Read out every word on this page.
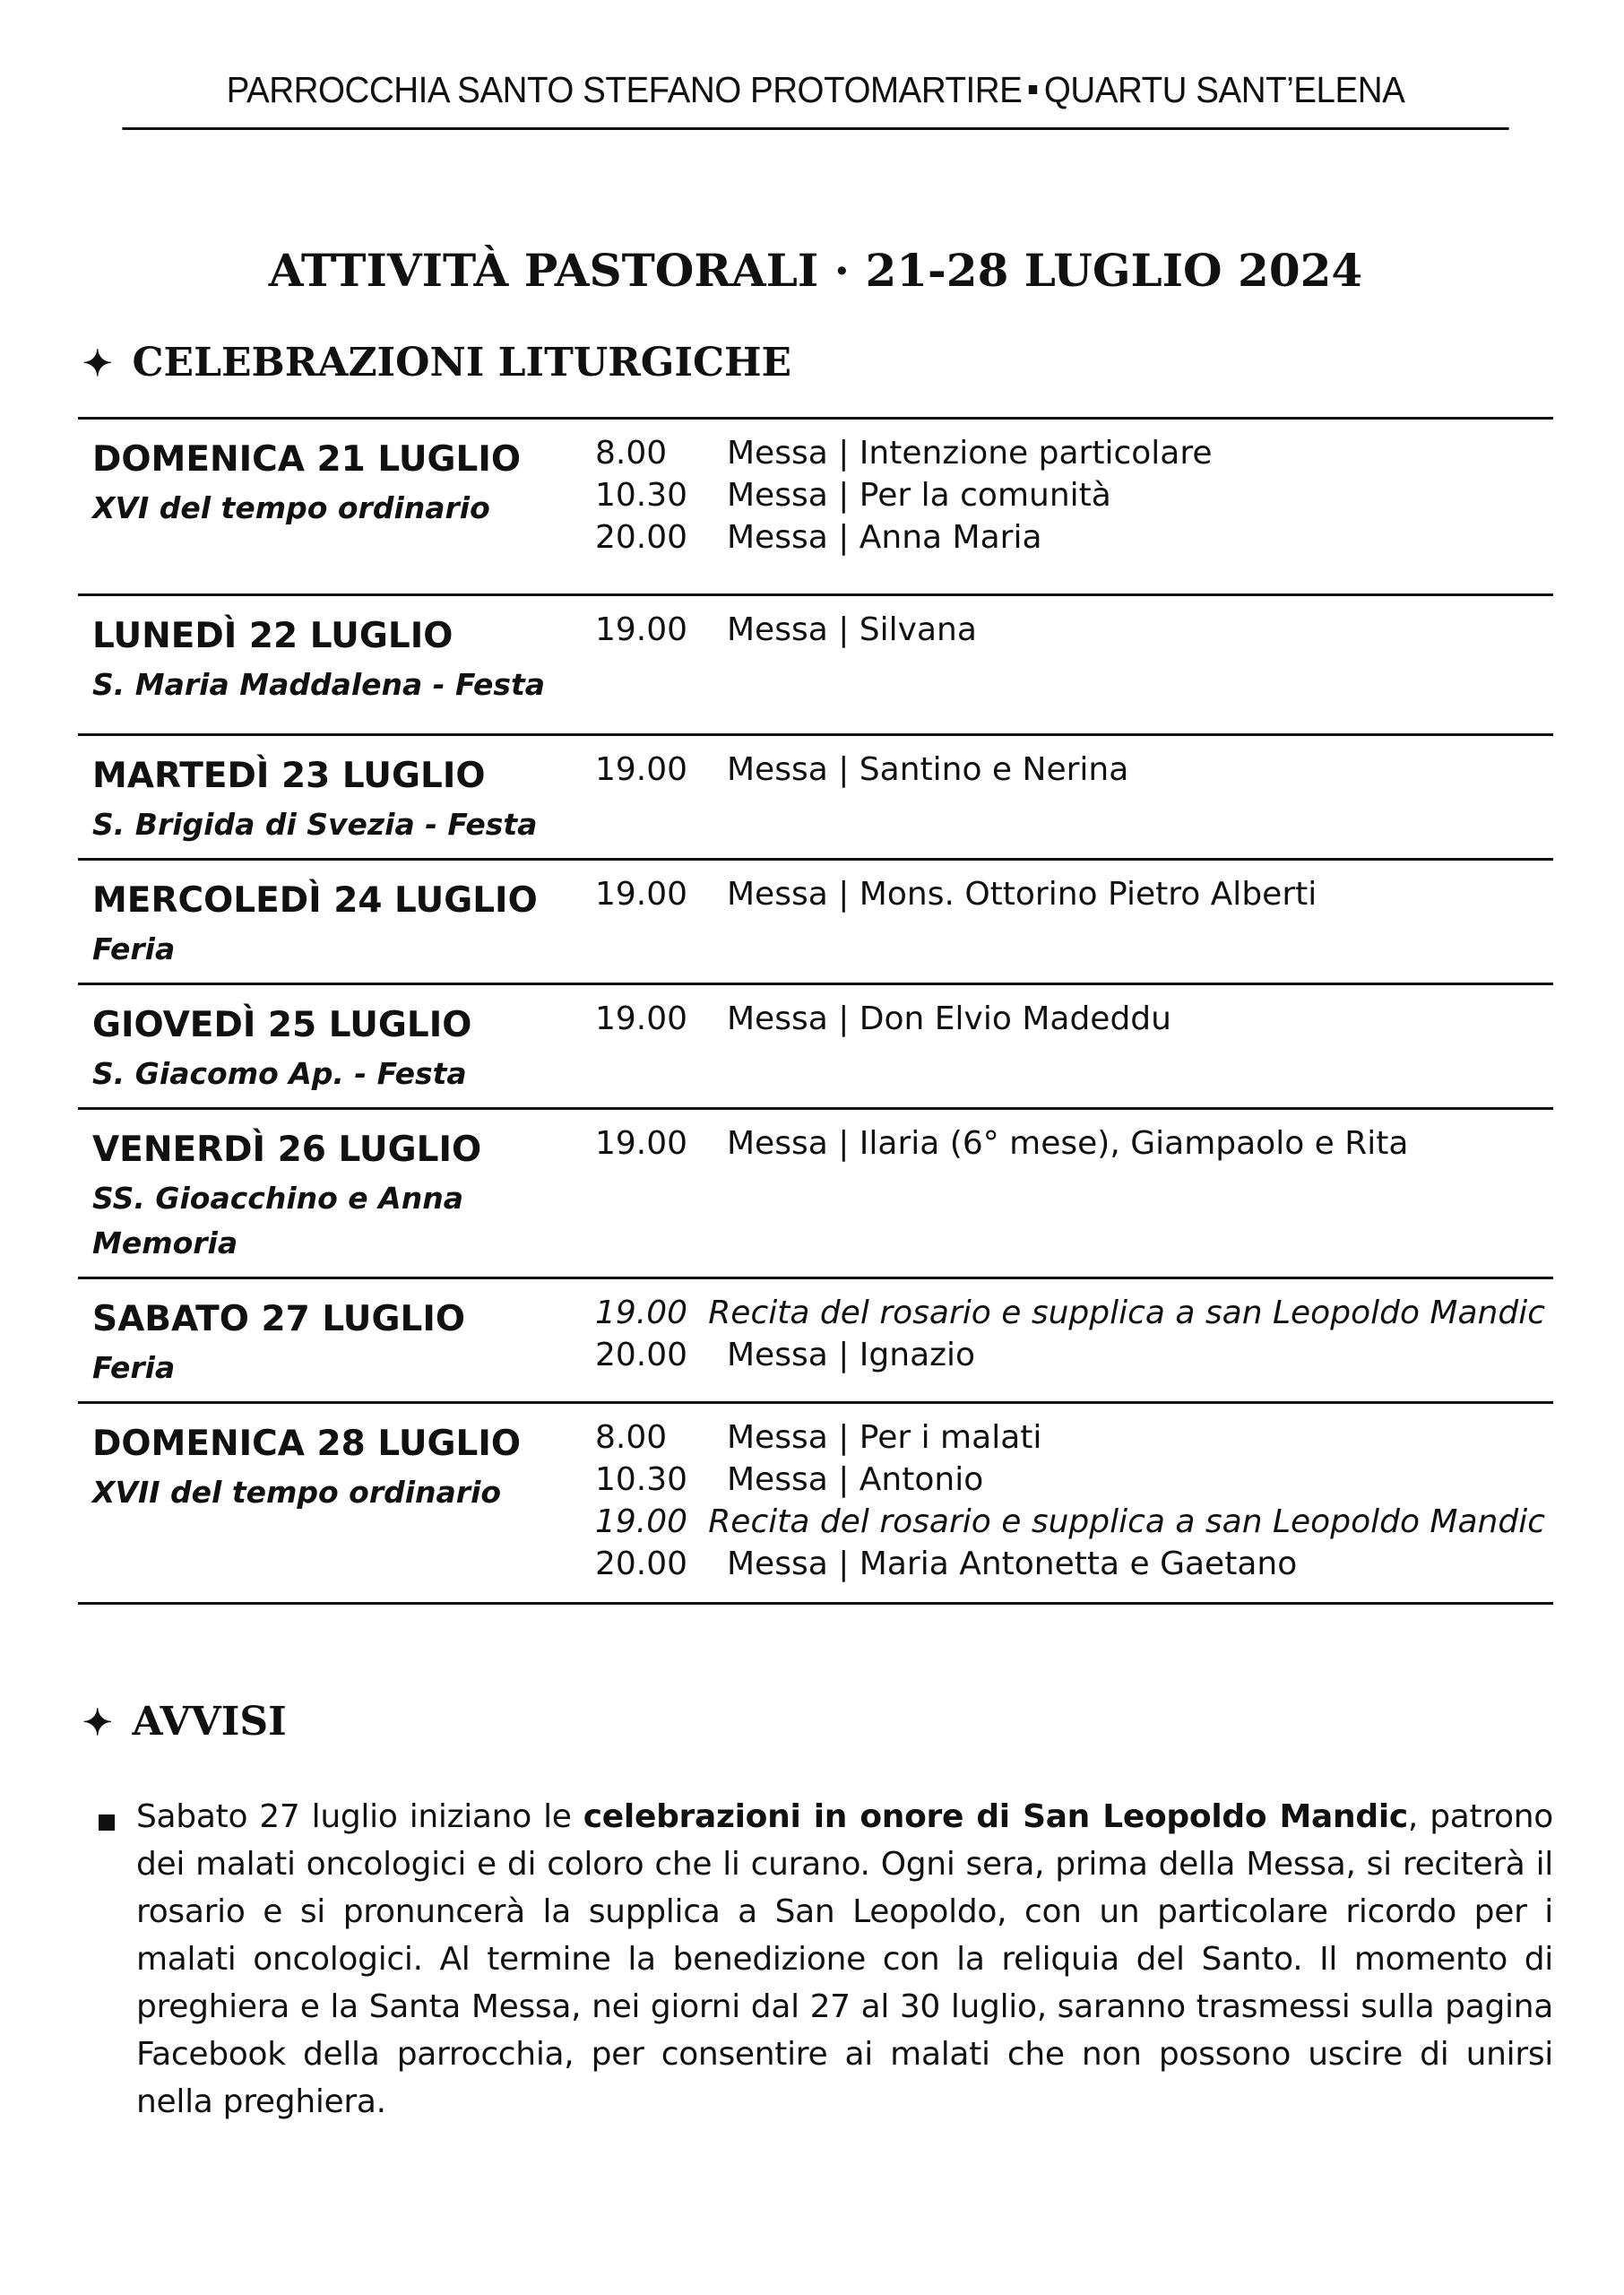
PARROCCHIA SANTO STEFANO PROTOMARTIRE QUARTU SANT’ELENA
ATTIVITÀ PASTORALI · 21-28 LUGLIO 2024
✦ CELEBRAZIONI LITURGICHE
DOMENICA 21 LUGLIO
XVI del tempo ordinario
8.00	Messa | Intenzione particolare
10.30	Messa | Per la comunità
20.00	Messa | Anna Maria
LUNEDÌ 22 LUGLIO
S. Maria Maddalena - Festa
19.00	Messa | Silvana
MARTEDÌ 23 LUGLIO
S. Brigida di Svezia - Festa
19.00	Messa | Santino e Nerina
MERCOLEDÌ 24 LUGLIO
Feria
19.00	Messa | Mons. Ottorino Pietro Alberti
GIOVEDÌ 25 LUGLIO
S. Giacomo Ap. - Festa
19.00	Messa | Don Elvio Madeddu
VENERDÌ 26 LUGLIO
SS. Gioacchino e Anna
Memoria
19.00	Messa | Ilaria (6° mese), Giampaolo e Rita
SABATO 27 LUGLIO
Feria
19.00 Recita del rosario e supplica a san Leopoldo Mandic
20.00	Messa | Ignazio
DOMENICA 28 LUGLIO
XVII del tempo ordinario
8.00	Messa | Per i malati
10.30	Messa | Antonio
19.00 Recita del rosario e supplica a san Leopoldo Mandic
20.00	Messa | Maria Antonetta e Gaetano
✦ AVVISI
Sabato 27 luglio iniziano le celebrazioni in onore di San Leopoldo Mandic, patrono dei malati oncologici e di coloro che li curano. Ogni sera, prima della Messa, si reciterà il rosario e si pronuncerà la supplica a San Leopoldo, con un particolare ricordo per i malati oncologici. Al termine la benedizione con la reliquia del Santo. Il momento di preghiera e la Santa Messa, nei giorni dal 27 al 30 luglio, saranno trasmessi sulla pagina Facebook della parrocchia, per consentire ai malati che non possono uscire di unirsi nella preghiera.
